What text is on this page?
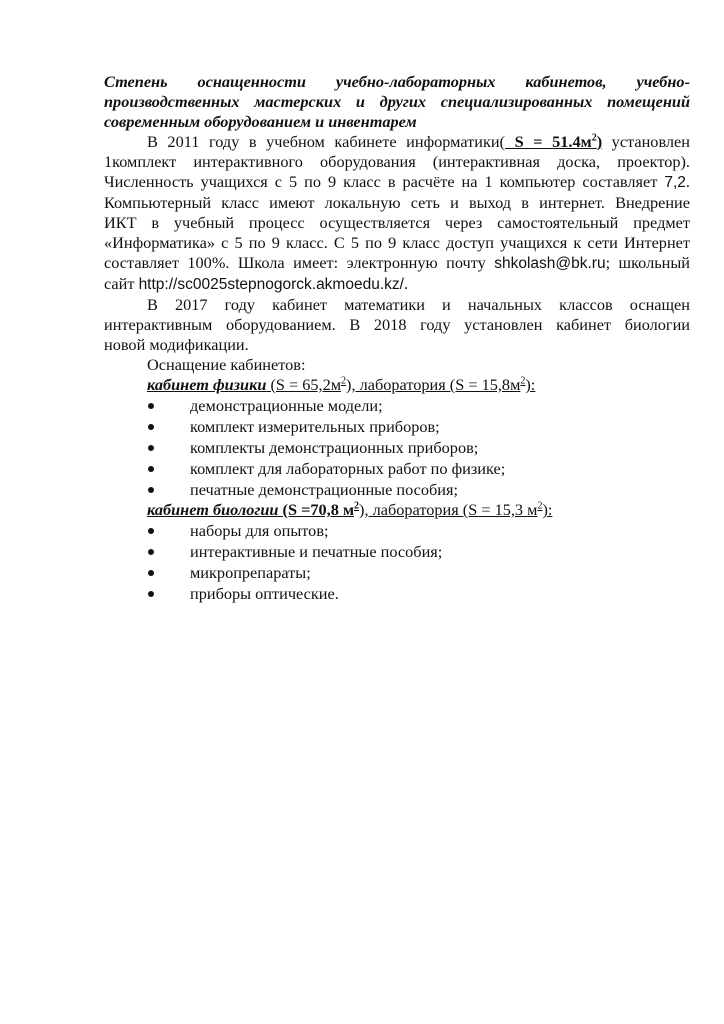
Степень оснащенности учебно-лабораторных кабинетов, учебно-
производственных мастерских и других специализированных помещений
современным оборудованием и инвентарем

В 2011 году в учебном кабинете информатики( $S = 51.4м^2$) установлен
1комплект интерактивного оборудования (интерактивная доска, проектор).
Численность учащихся с 5 по 9 класс в расчёте на 1 компьютер составляет 7,2.
Компьютерный класс имеют локальную сеть и выход в интернет. Внедрение
ИКТ в учебный процесс осуществляется через самостоятельный предмет
«Информатика» с 5 по 9 класс. С 5 по 9 класс доступ учащихся к сети Интернет
составляет 100%. Школа имеет: электронную почту shkolash@bk.ru; школьный
сайт http://sc0025stepnogorck.akmoedu.kz/.

В 2017 году кабинет математики и начальных классов оснащен
интерактивным оборудованием. В 2018 году установлен кабинет биологии
новой модификации.

Оснащение кабинетов:

кабинет физики $(S = 65,2м^2)$, лаборатория $(S = 15,8м^2)$:

демонстрационные модели;
комплект измерительных приборов;
комплекты демонстрационных приборов;
комплект для лабораторных работ по физике;
печатные демонстрационные пособия;

кабинет биологии (S =70,8 $м^2$), лаборатория (S = 15,3 $м^2$):

наборы для опытов;
интерактивные и печатные пособия;
микропрепараты;
приборы оптические.
